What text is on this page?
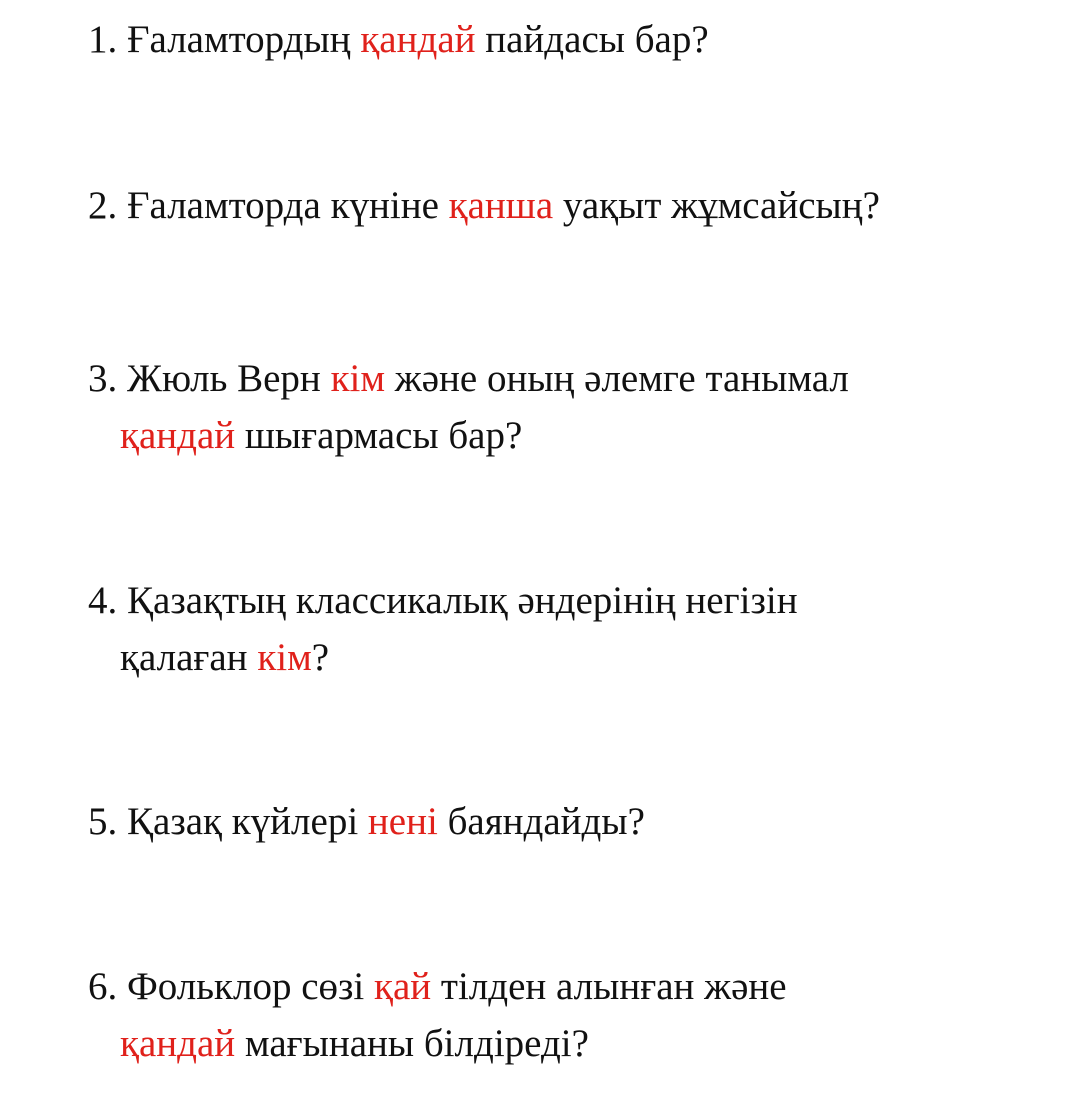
1. Ғаламтордың қандай пайдасы бар?
2. Ғаламторда күніне қанша уақыт жұмсайсың?
3. Жюль Верн кім және оның әлемге танымал
қандай шығармасы бар?
4. Қазақтың классикалық әндерінің негізін
қалаған кім?
5. Қазақ күйлері нені баяндайды?
6. Фольклор сөзі қай тілден алынған және
қандай мағынаны білдіреді?
